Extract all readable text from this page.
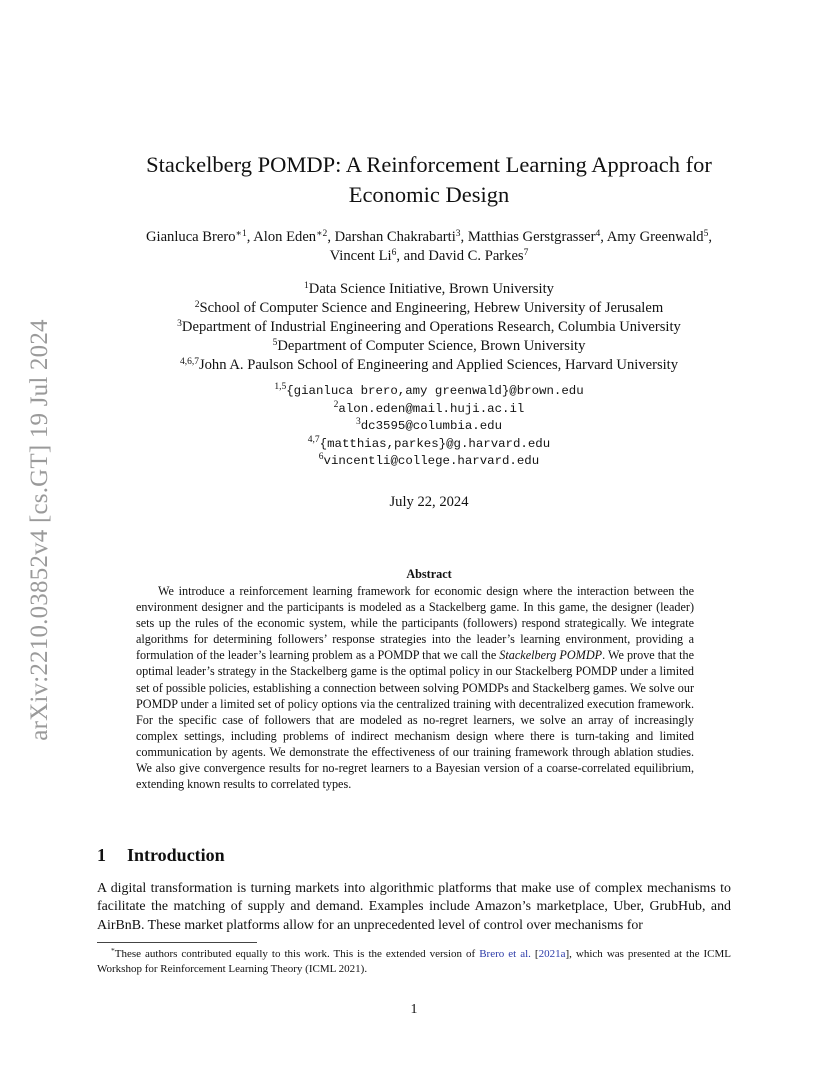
arXiv:2210.03852v4 [cs.GT] 19 Jul 2024
Stackelberg POMDP: A Reinforcement Learning Approach for
Economic Design
Gianluca Brero$^{∗1}$, Alon Eden$^{∗2}$, Darshan Chakrabarti$^3$, Matthias Gerstgrasser$^4$, Amy Greenwald$^5$,
Vincent Li$^6$, and David C. Parkes$^7$
$^1$Data Science Initiative, Brown University
$^2$School of Computer Science and Engineering, Hebrew University of Jerusalem
$^3$Department of Industrial Engineering and Operations Research, Columbia University
$^5$Department of Computer Science, Brown University
$^{4,6,7}$John A. Paulson School of Engineering and Applied Sciences, Harvard University
$^{1,5}${gianluca brero,amy greenwald}@brown.edu
$^2$alon.eden@mail.huji.ac.il
$^3$dc3595@columbia.edu
$^{4,7}${matthias,parkes}@g.harvard.edu
$^6$vincentli@college.harvard.edu
July 22, 2024
Abstract

We introduce a reinforcement learning framework for economic design where the interaction between the environment designer and the participants is modeled as a Stackelberg game. In this game, the designer (leader) sets up the rules of the economic system, while the participants (followers) respond strategically. We integrate algorithms for determining followers’ response strategies into the leader’s learning environment, providing a formulation of the leader’s learning problem as a POMDP that we call the Stackelberg POMDP. We prove that the optimal leader’s strategy in the Stackelberg game is the optimal policy in our Stackelberg POMDP under a limited set of possible policies, establishing a connection between solving POMDPs and Stackelberg games. We solve our POMDP under a limited set of policy options via the centralized training with decentralized execution framework. For the specific case of followers that are modeled as no-regret learners, we solve an array of increasingly complex settings, including problems of indirect mechanism design where there is turn-taking and limited communication by agents. We demonstrate the effectiveness of our training framework through ablation studies. We also give convergence results for no-regret learners to a Bayesian version of a coarse-correlated equilibrium, extending known results to correlated types.

1 Introduction

A digital transformation is turning markets into algorithmic platforms that make use of complex mechanisms to facilitate the matching of supply and demand. Examples include Amazon’s marketplace, Uber, GrubHub, and AirBnB. These market platforms allow for an unprecedented level of control over mechanisms for

*These authors contributed equally to this work. This is the extended version of Brero et al. [2021a], which was presented at the ICML Workshop for Reinforcement Learning Theory (ICML 2021).

1
